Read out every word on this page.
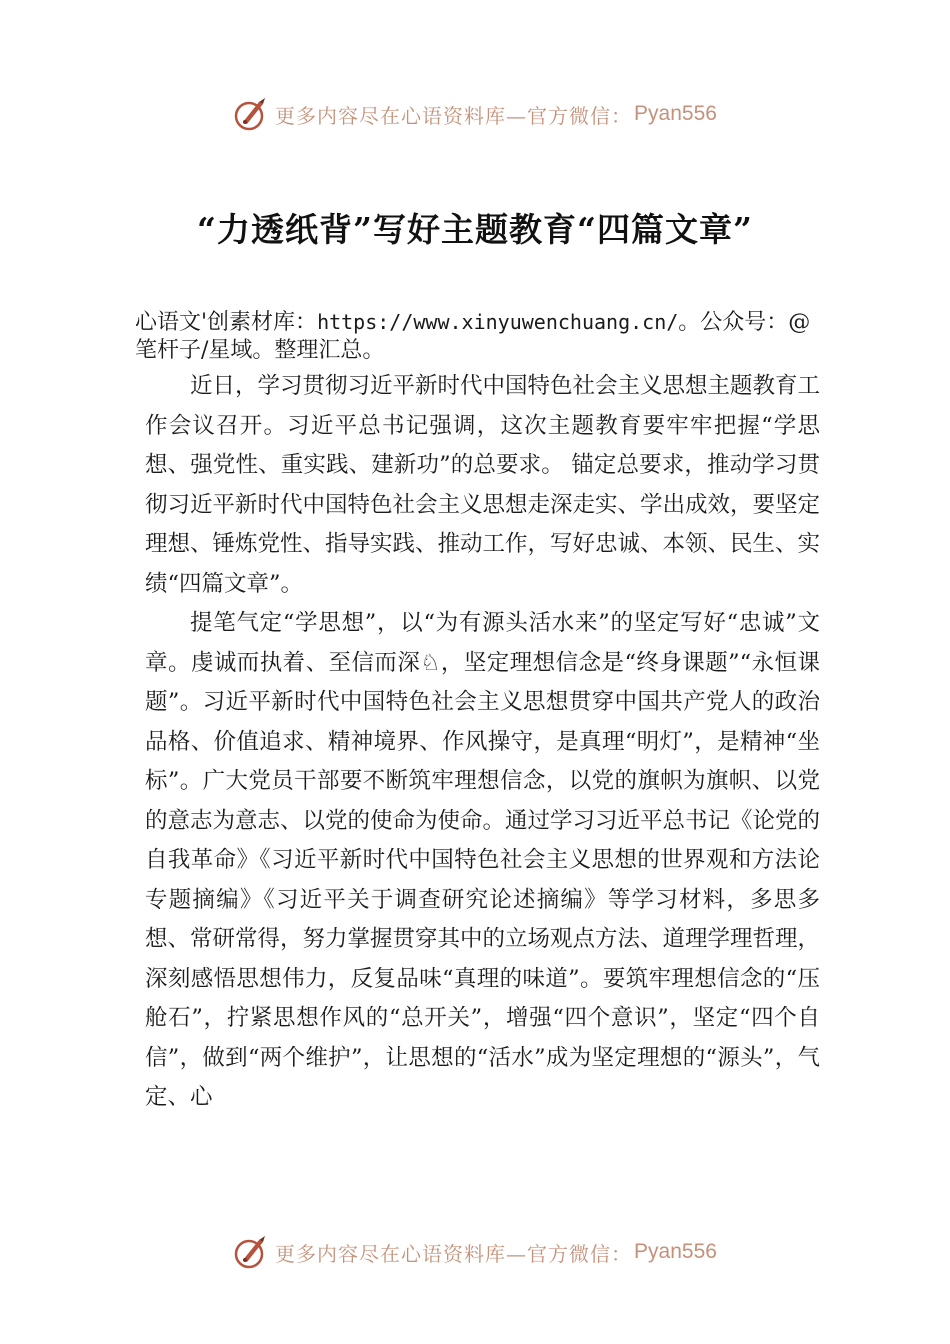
更多内容尽在心语资料库—官方微信： Pyan556
“力透纸背”写好主题教育“四篇文章”
心语文'创素材库：https://www.xinyuwenchuang.cn/。公众号：@笔杆子/星域。整理汇总。

近日，学习贯彻习近平新时代中国特色社会主义思想主题教育工作会议召开。习近平总书记强调，这次主题教育要牢牢把握“学思想、强党性、重实践、建新功”的总要求。 锚定总要求，推动学习贯彻习近平新时代中国特色社会主义思想走深走实、学出成效，要坚定理想、锤炼党性、指导实践、推动工作，写好忠诚、本领、民生、实绩“四篇文章”。

提笔气定“学思想”，以“为有源头活水来”的坚定写好“忠诚”文章。虔诚而执着、至信而深♘，坚定理想信念是“终身课题”“永恒课题”。习近平新时代中国特色社会主义思想贯穿中国共产党人的政治品格、价值追求、精神境界、作风操守，是真理“明灯”，是精神“坐标”。广大党员干部要不断筑牢理想信念，以党的旗帜为旗帜、以党的意志为意志、以党的使命为使命。通过学习习近平总书记《论党的自我革命》《习近平新时代中国特色社会主义思想的世界观和方法论专题摘编》《习近平关于调查研究论述摘编》等学习材料，多思多想、常研常得，努力掌握贯穿其中的立场观点方法、道理学理哲理，深刻感悟思想伟力，反复品味“真理的味道”。要筑牢理想信念的“压舱石”，拧紧思想作风的“总开关”，增强“四个意识”，坚定“四个自信”，做到“两个维护”，让思想的“活水”成为坚定理想的“源头”，气定、心

更多内容尽在心语资料库—官方微信： Pyan556
